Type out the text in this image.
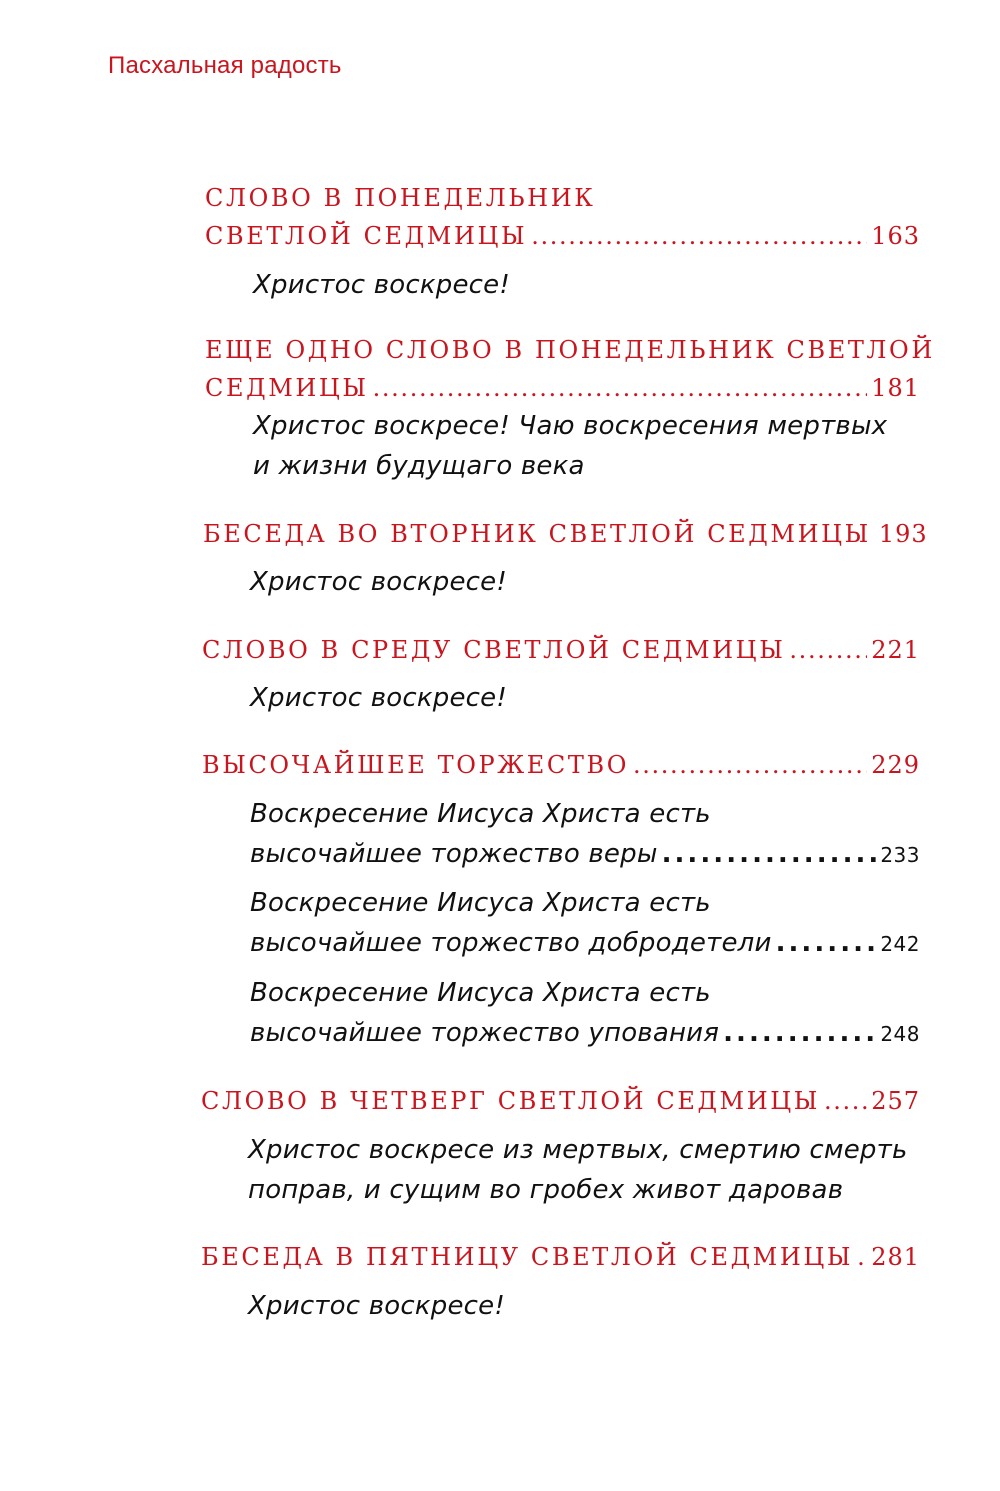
Пасхальная радость
СЛОВО В ПОНЕДЕЛЬНИК
СВЕТЛОЙ СЕДМИЦЫ . . .	163
Христос воскресе!
ЕЩЕ ОДНО СЛОВО В ПОНЕДЕЛЬНИК СВЕТЛОЙ
СЕДМИЦЫ . . .	181
Христос воскресе! Чаю воскресения мертвых
и жизни будущаго века
БЕСЕДА ВО ВТОРНИК СВЕТЛОЙ СЕДМИЦЫ 193
Христос воскресе!
СЛОВО В СРЕДУ СВЕТЛОЙ СЕДМИЦЫ . . .	221
Христос воскресе!
ВЫСОЧАЙШЕЕ ТОРЖЕСТВО . . .	229
Воскресение Иисуса Христа есть
высочайшее торжество веры . . .	233
Воскресение Иисуса Христа есть
высочайшее торжество добродетели . . .	242
Воскресение Иисуса Христа есть
высочайшее торжество упования . . .	248
СЛОВО В ЧЕТВЕРГ СВЕТЛОЙ СЕДМИЦЫ . . . 257
Христос воскресе из мертвых, смертию смерть
поправ, и сущим во гробех живот даровав
БЕСЕДА В ПЯТНИЦУ СВЕТЛОЙ СЕДМИЦЫ . . . 281
Христос воскресе!
